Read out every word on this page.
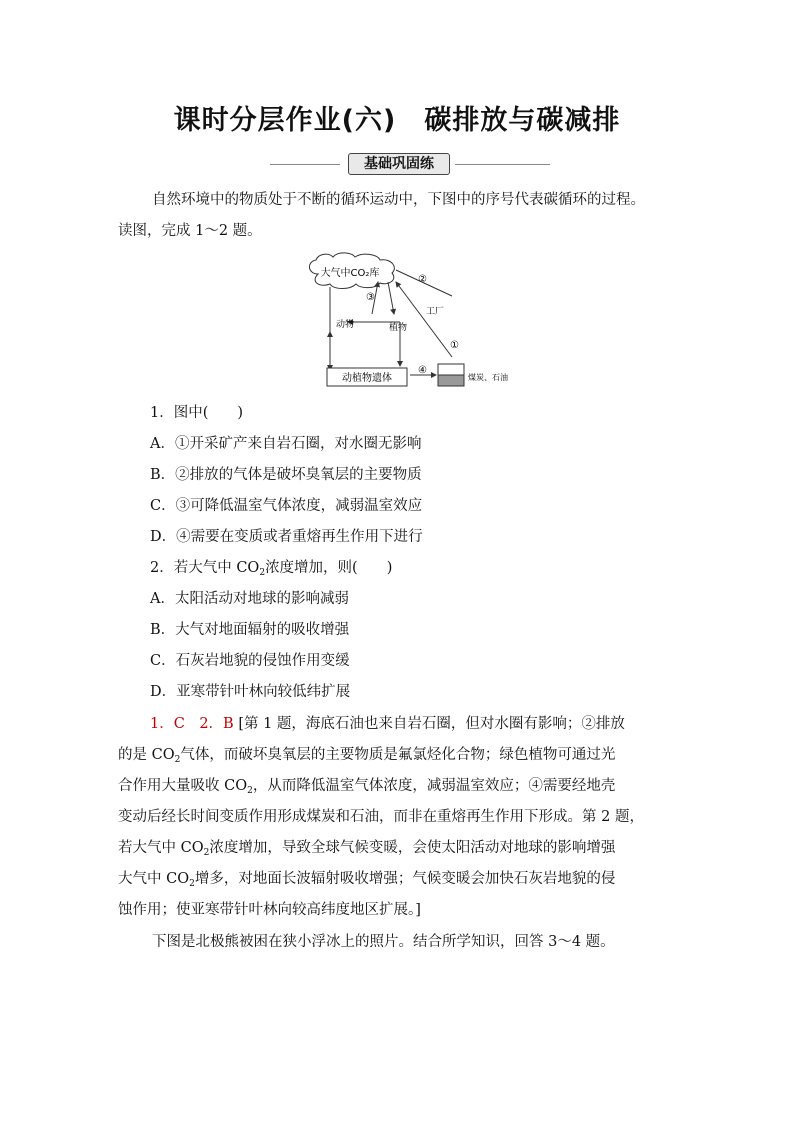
课时分层作业(六)　碳排放与碳减排
基础巩固练

自然环境中的物质处于不断的循环运动中，下图中的序号代表碳循环的过程。

读图，完成 1～2 题。

大气中CO₂库
动物	植物
工厂
②
③
①
④
动植物遗体	煤炭、石油

1．图中(　　)

A．①开采矿产来自岩石圈，对水圈无影响

B．②排放的气体是破坏臭氧层的主要物质

C．③可降低温室气体浓度，减弱温室效应

D．④需要在变质或者重熔再生作用下进行

2．若大气中 $CO_2$浓度增加，则(　　)

A．太阳活动对地球的影响减弱

B．大气对地面辐射的吸收增强

C．石灰岩地貌的侵蚀作用变缓

D．亚寒带针叶林向较低纬扩展

1．C　2．B [第 1 题，海底石油也来自岩石圈，但对水圈有影响；②排放

的是 $CO_2$气体，而破坏臭氧层的主要物质是氟氯烃化合物；绿色植物可通过光

合作用大量吸收 $CO_2$，从而降低温室气体浓度，减弱温室效应；④需要经地壳

变动后经长时间变质作用形成煤炭和石油，而非在重熔再生作用下形成。第 2 题，

若大气中 $CO_2$浓度增加，导致全球气候变暖，会使太阳活动对地球的影响增强

大气中 $CO_2$增多，对地面长波辐射吸收增强；气候变暖会加快石灰岩地貌的侵

蚀作用；使亚寒带针叶林向较高纬度地区扩展。]

下图是北极熊被困在狭小浮冰上的照片。结合所学知识，回答 3～4 题。
